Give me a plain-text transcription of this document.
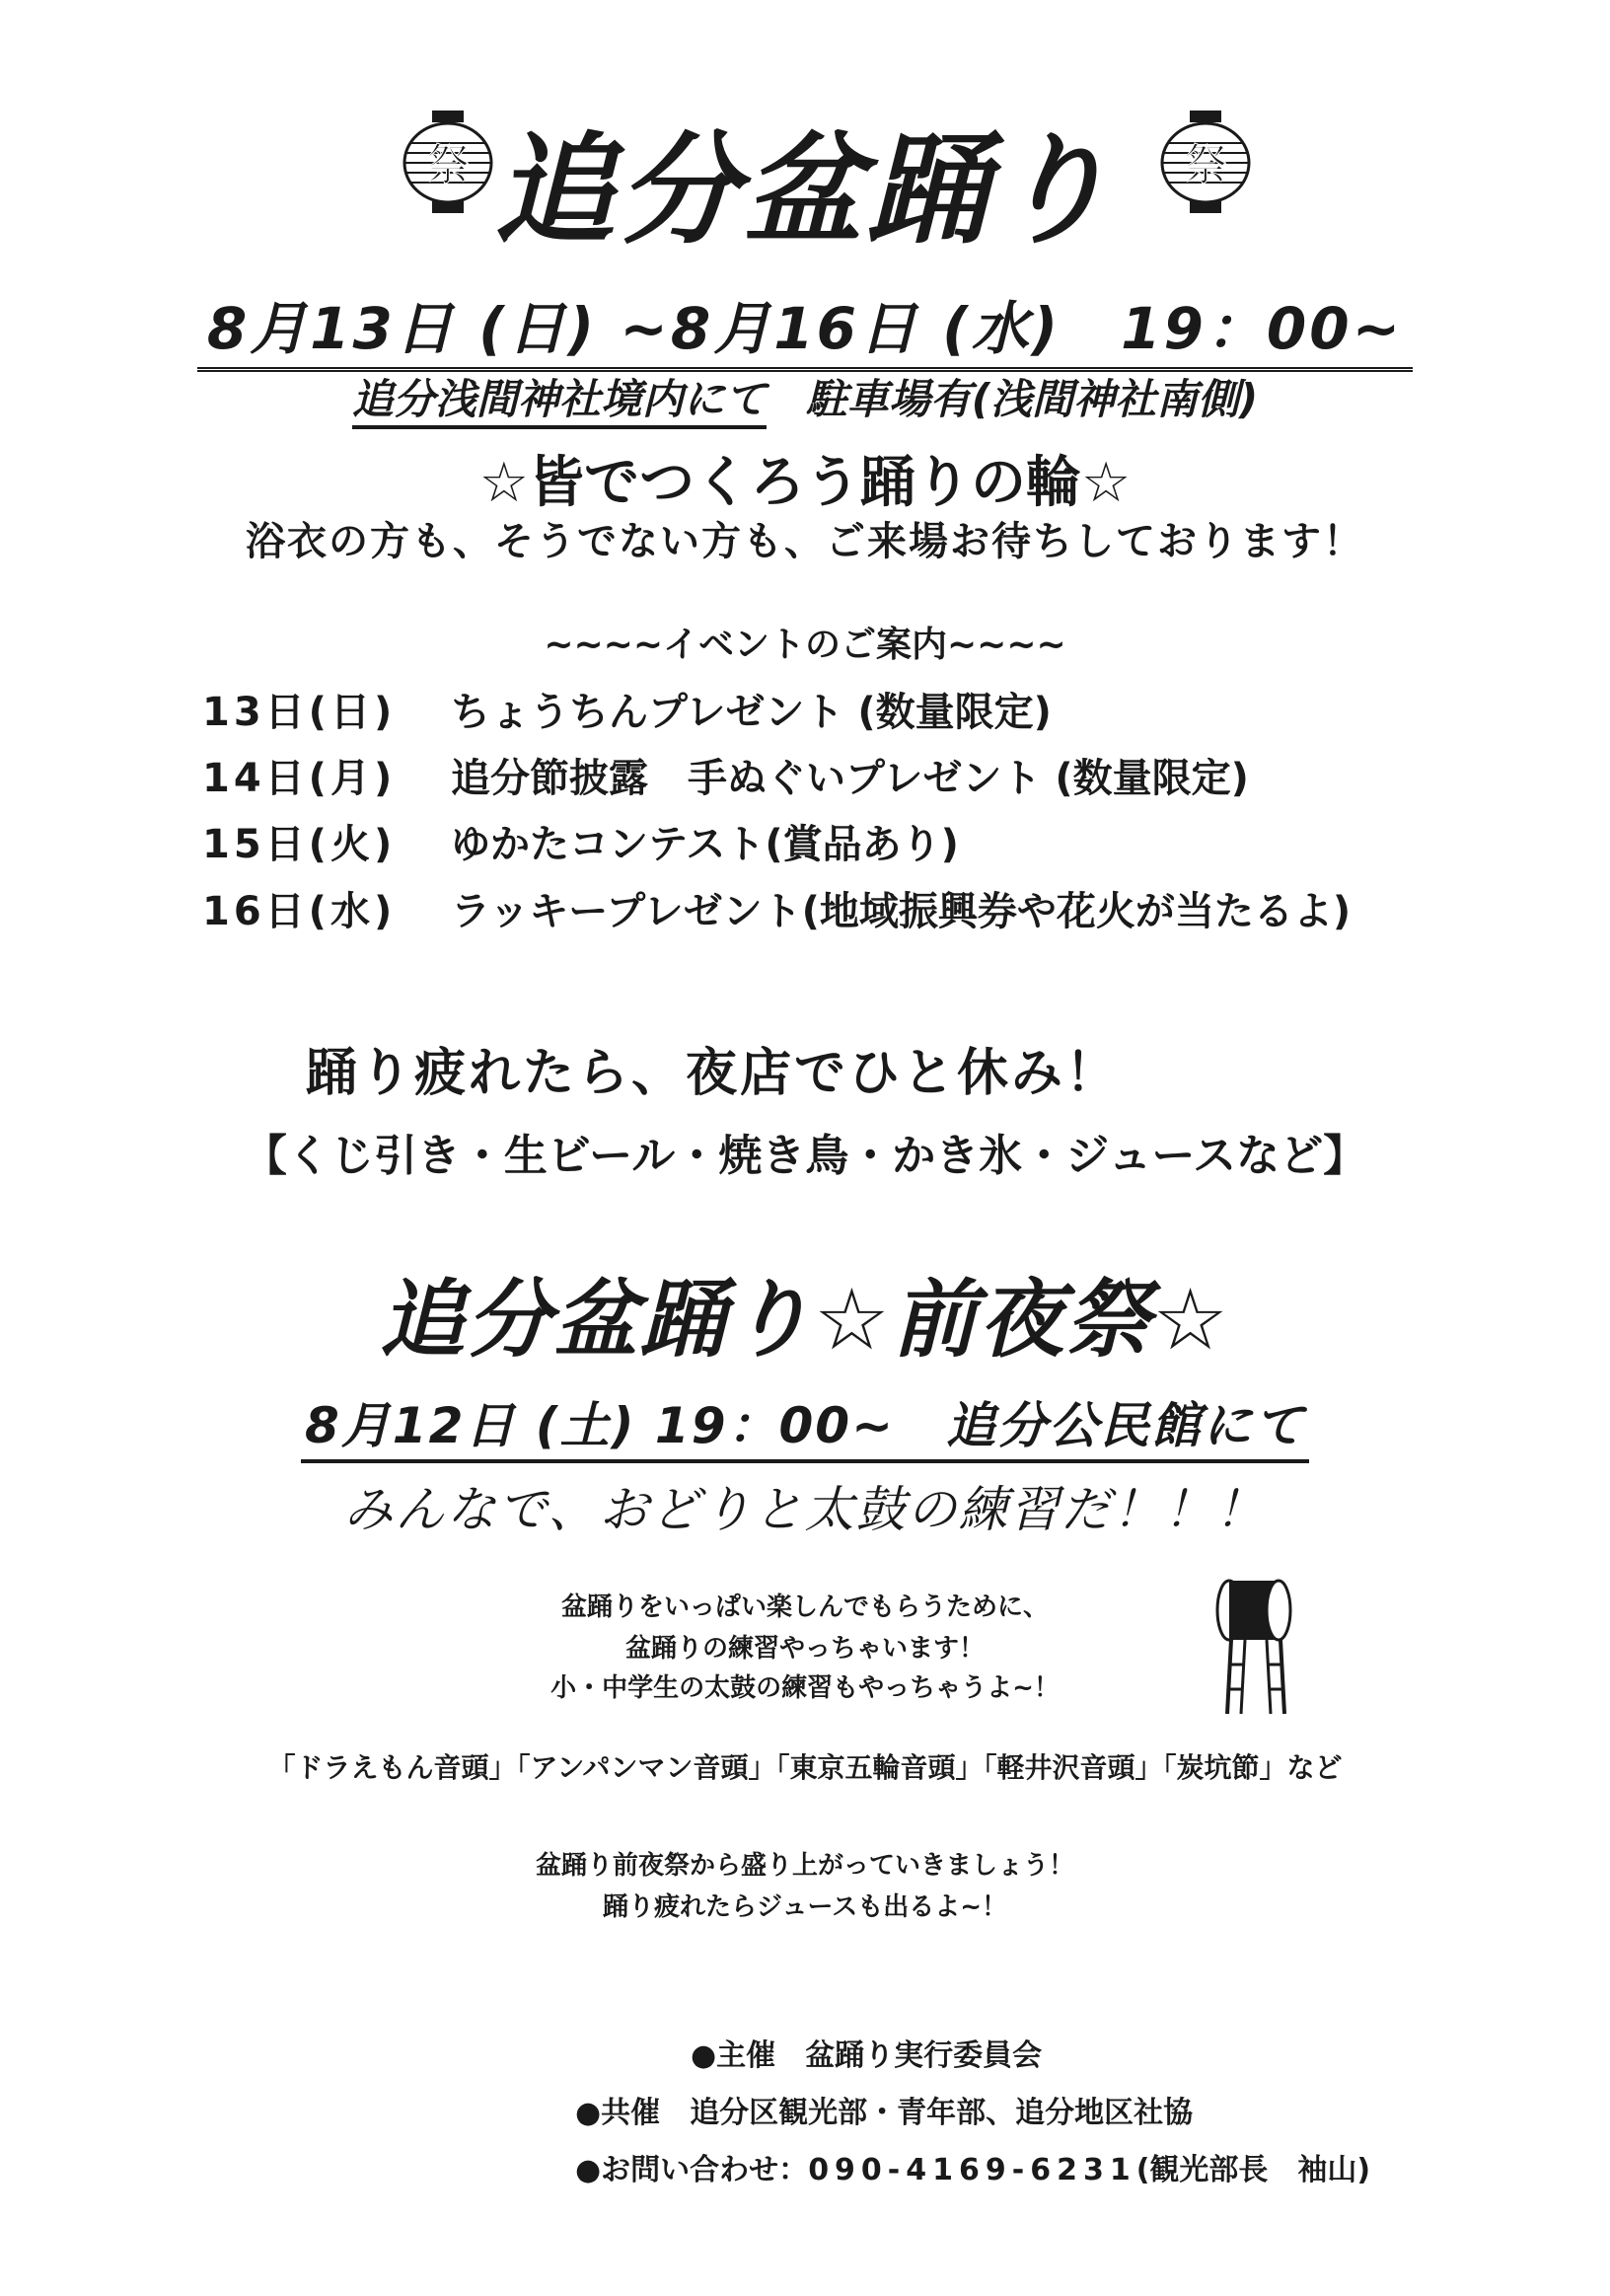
祭 追分盆踊り	祭
8月13日 (日) ~8月16日 (水)　19：00~
追分浅間神社境内にて 駐車場有(浅間神社南側)
☆皆でつくろう踊りの輪☆
浴衣の方も、そうでない方も、ご来場お待ちしております！
~~~~イベントのご案内~~~~
13日(日) ちょうちんプレゼント (数量限定)
14日(月) 追分節披露　手ぬぐいプレゼント (数量限定)
15日(火) ゆかたコンテスト(賞品あり)
16日(水) ラッキープレゼント(地域振興券や花火が当たるよ)
踊り疲れたら、夜店でひと休み！
【くじ引き・生ビール・焼き鳥・かき氷・ジュースなど】
追分盆踊り☆前夜祭☆
8月12日 (土) 19：00~　 追分公民館にて
みんなで、おどりと太鼓の練習だ！！！
盆踊りをいっぱい楽しんでもらうために、
盆踊りの練習やっちゃいます！
小・中学生の太鼓の練習もやっちゃうよ~！
「ドラえもん音頭」「アンパンマン音頭」「東京五輪音頭」「軽井沢音頭」「炭坑節」など
盆踊り前夜祭から盛り上がっていきましょう！
踊り疲れたらジュースも出るよ~！
●主催 盆踊り実行委員会
●共催 追分区観光部・青年部、追分地区社協
●お問い合わせ：090-4169-6231(観光部長　袖山)
